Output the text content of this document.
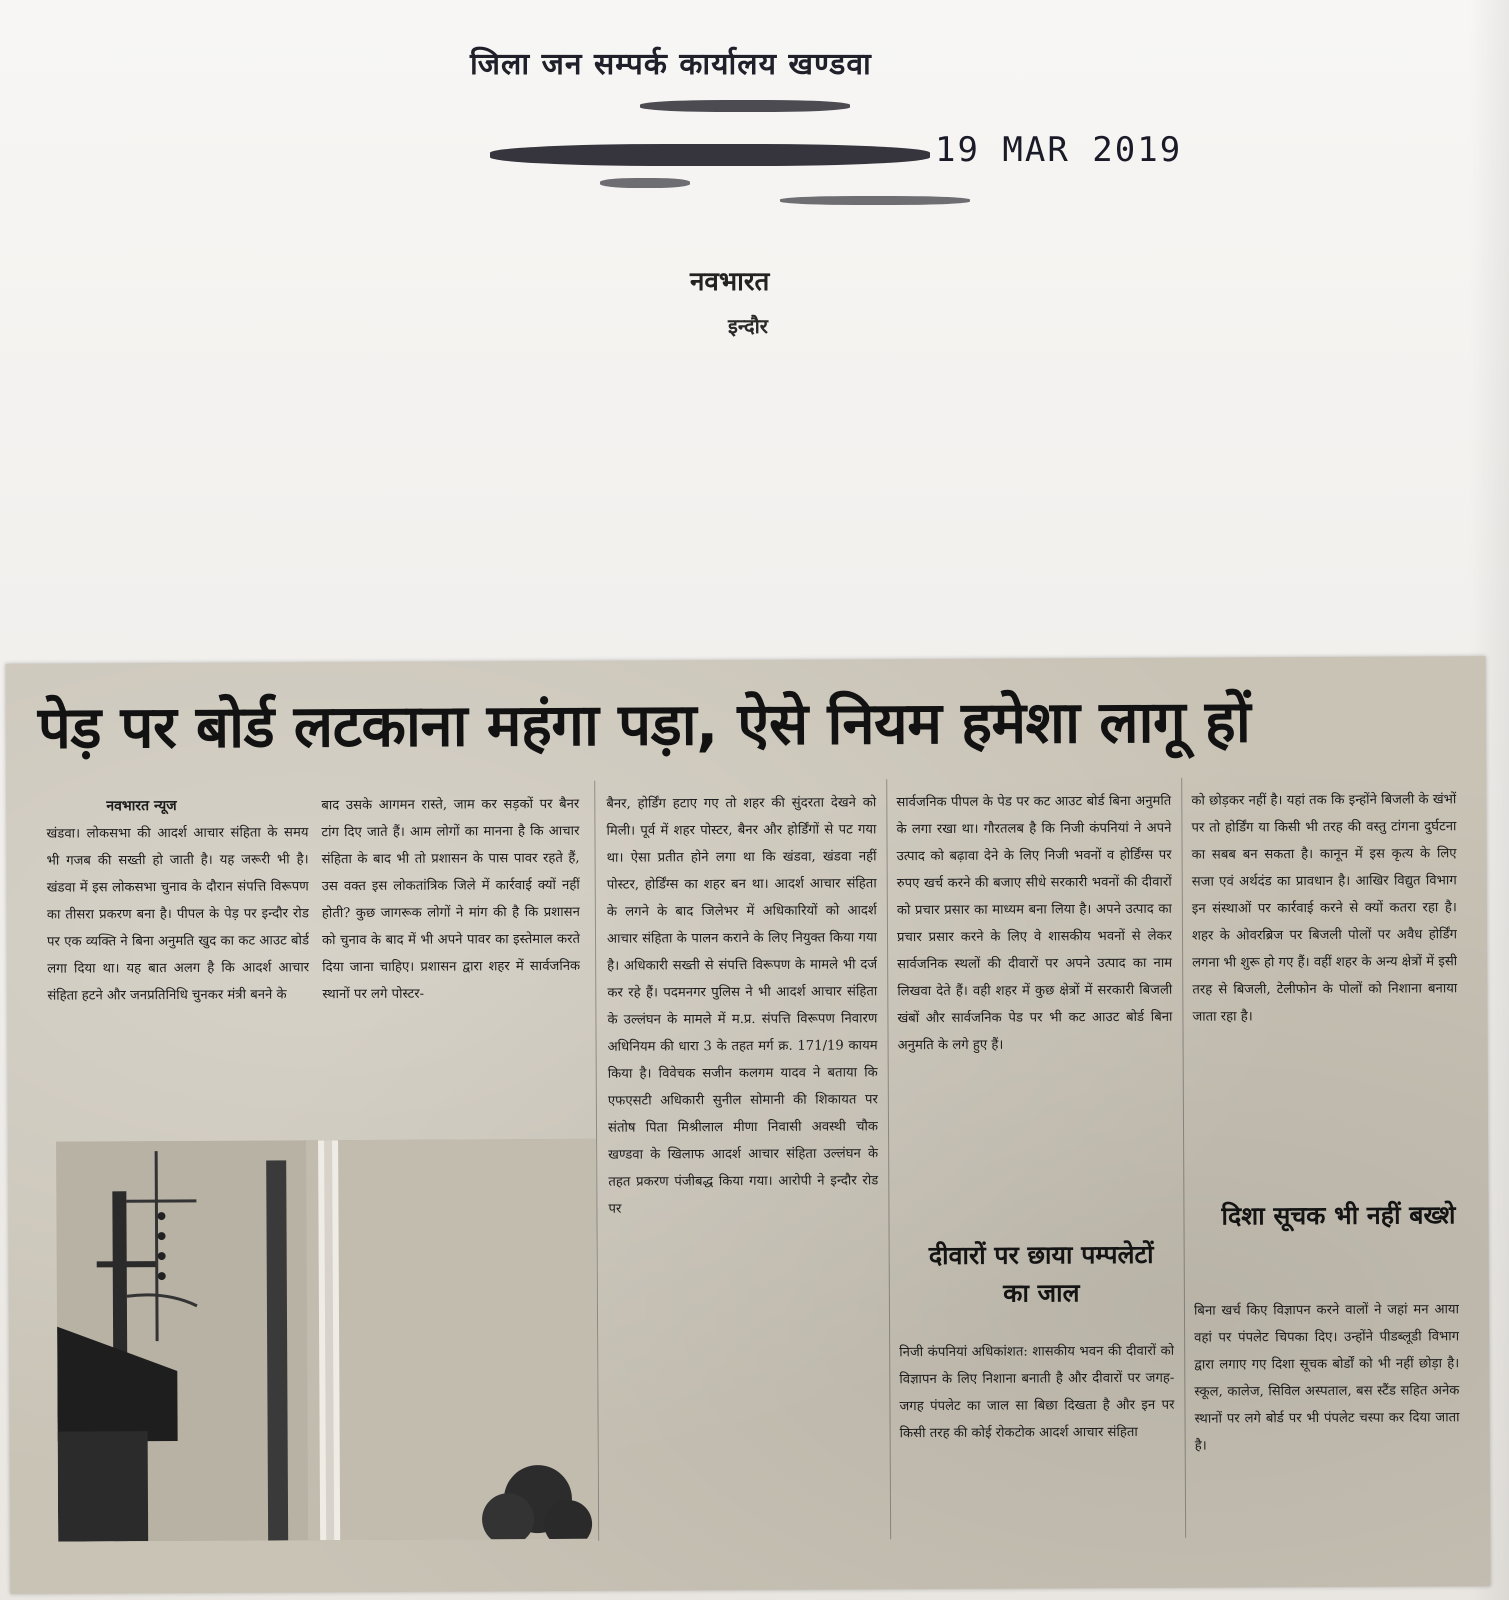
जिला जन सम्पर्क कार्यालय खण्डवा
19 MAR 2019
नवभारत
इन्दौर
पेड़ पर बोर्ड लटकाना महंगा पड़ा, ऐसे नियम हमेशा लागू हों
नवभारत न्यूज
खंडवा। लोकसभा की आदर्श आचार संहिता के समय भी गजब की सख्ती हो जाती है। यह जरूरी भी है। खंडवा में इस लोकसभा चुनाव के दौरान संपत्ति विरूपण का तीसरा प्रकरण बना है। पीपल के पेड़ पर इन्दौर रोड पर एक व्यक्ति ने बिना अनुमति खुद का कट आउट बोर्ड लगा दिया था। यह बात अलग है कि आदर्श आचार संहिता हटने और जनप्रतिनिधि चुनकर मंत्री बनने के
बाद उसके आगमन रास्ते, जाम कर सड़कों पर बैनर टांग दिए जाते हैं। आम लोगों का मानना है कि आचार संहिता के बाद भी तो प्रशासन के पास पावर रहते हैं, उस वक्त इस लोकतांत्रिक जिले में कार्रवाई क्यों नहीं होती? कुछ जागरूक लोगों ने मांग की है कि प्रशासन को चुनाव के बाद में भी अपने पावर का इस्तेमाल करते दिया जाना चाहिए। प्रशासन द्वारा शहर में सार्वजनिक स्थानों पर लगे पोस्टर-
बैनर, होर्डिंग हटाए गए तो शहर की सुंदरता देखने को मिली। पूर्व में शहर पोस्टर, बैनर और होर्डिंगों से पट गया था। ऐसा प्रतीत होने लगा था कि खंडवा, खंडवा नहीं पोस्टर, होर्डिंग्स का शहर बन था। आदर्श आचार संहिता के लगने के बाद जिलेभर में अधिकारियों को आदर्श आचार संहिता के पालन कराने के लिए नियुक्त किया गया है। अधिकारी सख्ती से संपत्ति विरूपण के मामले भी दर्ज कर रहे हैं। पदमनगर पुलिस ने भी आदर्श आचार संहिता के उल्लंघन के मामले में म.प्र. संपत्ति विरूपण निवारण अधिनियम की धारा 3 के तहत मर्ग क्र. 171/19 कायम किया है। विवेचक सजीन कलगम यादव ने बताया कि एफएसटी अधिकारी सुनील सोमानी की शिकायत पर संतोष पिता मिश्रीलाल मीणा निवासी अवस्थी चौक खण्डवा के खिलाफ आदर्श आचार संहिता उल्लंघन के तहत प्रकरण पंजीबद्ध किया गया। आरोपी ने इन्दौर रोड पर
सार्वजनिक पीपल के पेड पर कट आउट बोर्ड बिना अनुमति के लगा रखा था। गौरतलब है कि निजी कंपनियां ने अपने उत्पाद को बढ़ावा देने के लिए निजी भवनों व होर्डिंग्स पर रुपए खर्च करने की बजाए सीधे सरकारी भवनों की दीवारों को प्रचार प्रसार का माध्यम बना लिया है। अपने उत्पाद का प्रचार प्रसार करने के लिए वे शासकीय भवनों से लेकर सार्वजनिक स्थलों की दीवारों पर अपने उत्पाद का नाम लिखवा देते हैं। वही शहर में कुछ क्षेत्रों में सरकारी बिजली खंबों और सार्वजनिक पेड पर भी कट आउट बोर्ड बिना अनुमति के लगे हुए हैं।
दीवारों पर छाया पम्पलेटों का जाल
निजी कंपनियां अधिकांशत: शासकीय भवन की दीवारों को विज्ञापन के लिए निशाना बनाती है और दीवारों पर जगह-जगह पंपलेट का जाल सा बिछा दिखता है और इन पर किसी तरह की कोई रोकटोक आदर्श आचार संहिता
को छोड़कर नहीं है। यहां तक कि इन्होंने बिजली के खंभों पर तो होर्डिंग या किसी भी तरह की वस्तु टांगना दुर्घटना का सबब बन सकता है। कानून में इस कृत्य के लिए सजा एवं अर्थदंड का प्रावधान है। आखिर विद्युत विभाग इन संस्थाओं पर कार्रवाई करने से क्यों कतरा रहा है। शहर के ओवरब्रिज पर बिजली पोलों पर अवैध होर्डिंग लगना भी शुरू हो गए हैं। वहीं शहर के अन्य क्षेत्रों में इसी तरह से बिजली, टेलीफोन के पोलों को निशाना बनाया जाता रहा है।
दिशा सूचक भी नहीं बख्शे
बिना खर्च किए विज्ञापन करने वालों ने जहां मन आया वहां पर पंपलेट चिपका दिए। उन्होंने पीडब्लूडी विभाग द्वारा लगाए गए दिशा सूचक बोर्डों को भी नहीं छोड़ा है। स्कूल, कालेज, सिविल अस्पताल, बस स्टैंड सहित अनेक स्थानों पर लगे बोर्ड पर भी पंपलेट चस्पा कर दिया जाता है।
